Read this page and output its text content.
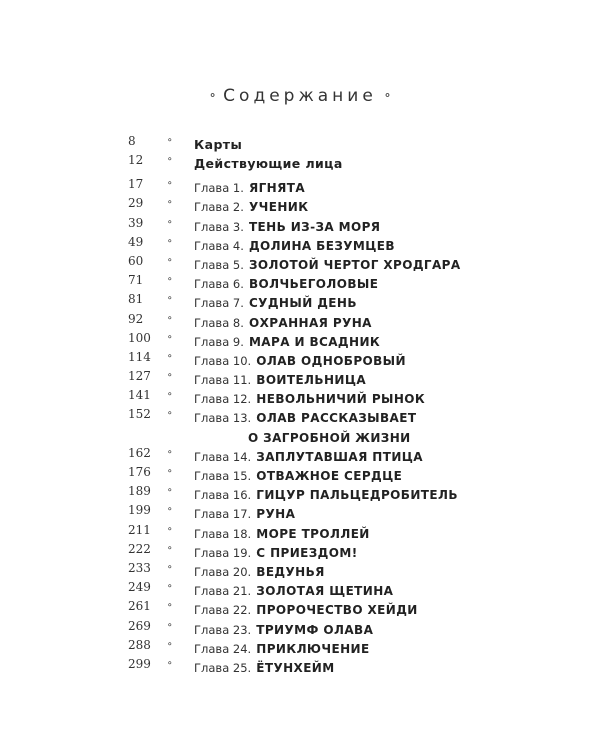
⚬ Содержание ⚬
8	⚬ Карты
12	⚬ Действующие лица
17	⚬ Глава 1. ЯГНЯТА
29	⚬ Глава 2. УЧЕНИК
39	⚬ Глава 3. ТЕНЬ ИЗ-ЗА МОРЯ
49	⚬ Глава 4. ДОЛИНА БЕЗУМЦЕВ
60	⚬ Глава 5. ЗОЛОТОЙ ЧЕРТОГ ХРОДГАРА
71	⚬ Глава 6. ВОЛЧЬЕГОЛОВЫЕ
81	⚬ Глава 7. СУДНЫЙ ДЕНЬ
92	⚬ Глава 8. ОХРАННАЯ РУНА
100 ⚬ Глава 9. МАРА И ВСАДНИК
114 ⚬ Глава 10. ОЛАВ ОДНОБРОВЫЙ
127 ⚬ Глава 11. ВОИТЕЛЬНИЦА
141 ⚬ Глава 12. НЕВОЛЬНИЧИЙ РЫНОК
152 ⚬ Глава 13. ОЛАВ РАССКАЗЫВАЕТ
О ЗАГРОБНОЙ ЖИЗНИ
162 ⚬ Глава 14. ЗАПЛУТАВШАЯ ПТИЦА
176 ⚬ Глава 15. ОТВАЖНОЕ СЕРДЦЕ
189 ⚬ Глава 16. ГИЦУР ПАЛЬЦЕДРОБИТЕЛЬ
199 ⚬ Глава 17. РУНА
211 ⚬ Глава 18. МОРЕ ТРОЛЛЕЙ
222 ⚬ Глава 19. С ПРИЕЗДОМ!
233 ⚬ Глава 20. ВЕДУНЬЯ
249 ⚬ Глава 21. ЗОЛОТАЯ ЩЕТИНА
261 ⚬ Глава 22. ПРОРОЧЕСТВО ХЕЙДИ
269 ⚬ Глава 23. ТРИУМФ ОЛАВА
288 ⚬ Глава 24. ПРИКЛЮЧЕНИЕ
299 ⚬ Глава 25. ЁТУНХЕЙМ
